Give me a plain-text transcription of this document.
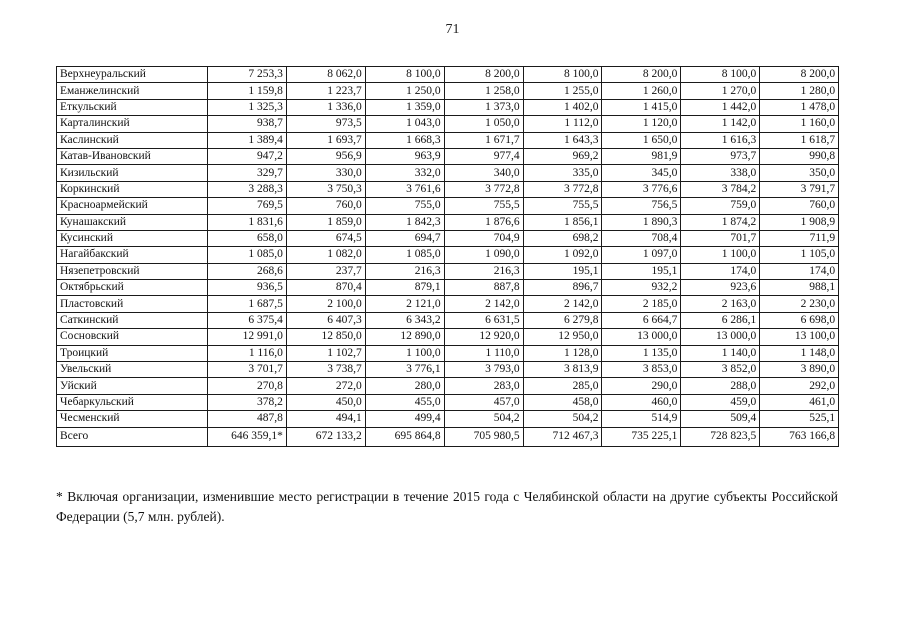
71
Верхнеуральский	7 253,3	8 062,0	8 100,0	8 200,0	8 100,0	8 200,0	8 100,0	8 200,0
Еманжелинский	1 159,8	1 223,7	1 250,0	1 258,0	1 255,0	1 260,0	1 270,0	1 280,0
Еткульский	1 325,3	1 336,0	1 359,0	1 373,0	1 402,0	1 415,0	1 442,0	1 478,0
Карталинский	938,7	973,5	1 043,0	1 050,0	1 112,0	1 120,0	1 142,0	1 160,0
Каслинский	1 389,4	1 693,7	1 668,3	1 671,7	1 643,3	1 650,0	1 616,3	1 618,7
Катав-Ивановский	947,2	956,9	963,9	977,4	969,2	981,9	973,7	990,8
Кизильский	329,7	330,0	332,0	340,0	335,0	345,0	338,0	350,0
Коркинский	3 288,3	3 750,3	3 761,6	3 772,8	3 772,8	3 776,6	3 784,2	3 791,7
Красноармейский	769,5	760,0	755,0	755,5	755,5	756,5	759,0	760,0
Кунашакский	1 831,6	1 859,0	1 842,3	1 876,6	1 856,1	1 890,3	1 874,2	1 908,9
Кусинский	658,0	674,5	694,7	704,9	698,2	708,4	701,7	711,9
Нагайбакский	1 085,0	1 082,0	1 085,0	1 090,0	1 092,0	1 097,0	1 100,0	1 105,0
Нязепетровский	268,6	237,7	216,3	216,3	195,1	195,1	174,0	174,0
Октябрьский	936,5	870,4	879,1	887,8	896,7	932,2	923,6	988,1
Пластовский	1 687,5	2 100,0	2 121,0	2 142,0	2 142,0	2 185,0	2 163,0	2 230,0
Саткинский	6 375,4	6 407,3	6 343,2	6 631,5	6 279,8	6 664,7	6 286,1	6 698,0
Сосновский	12 991,0	12 850,0	12 890,0	12 920,0	12 950,0	13 000,0	13 000,0	13 100,0
Троицкий	1 116,0	1 102,7	1 100,0	1 110,0	1 128,0	1 135,0	1 140,0	1 148,0
Увельский	3 701,7	3 738,7	3 776,1	3 793,0	3 813,9	3 853,0	3 852,0	3 890,0
Уйский	270,8	272,0	280,0	283,0	285,0	290,0	288,0	292,0
Чебаркульский	378,2	450,0	455,0	457,0	458,0	460,0	459,0	461,0
Чесменский	487,8	494,1	499,4	504,2	504,2	514,9	509,4	525,1
Всего	646 359,1*	672 133,2	695 864,8	705 980,5	712 467,3	735 225,1	728 823,5	763 166,8
* Включая организации, изменившие место регистрации в течение 2015 года с Челябинской области на другие субъекты Российской Федерации (5,7 млн. рублей).
